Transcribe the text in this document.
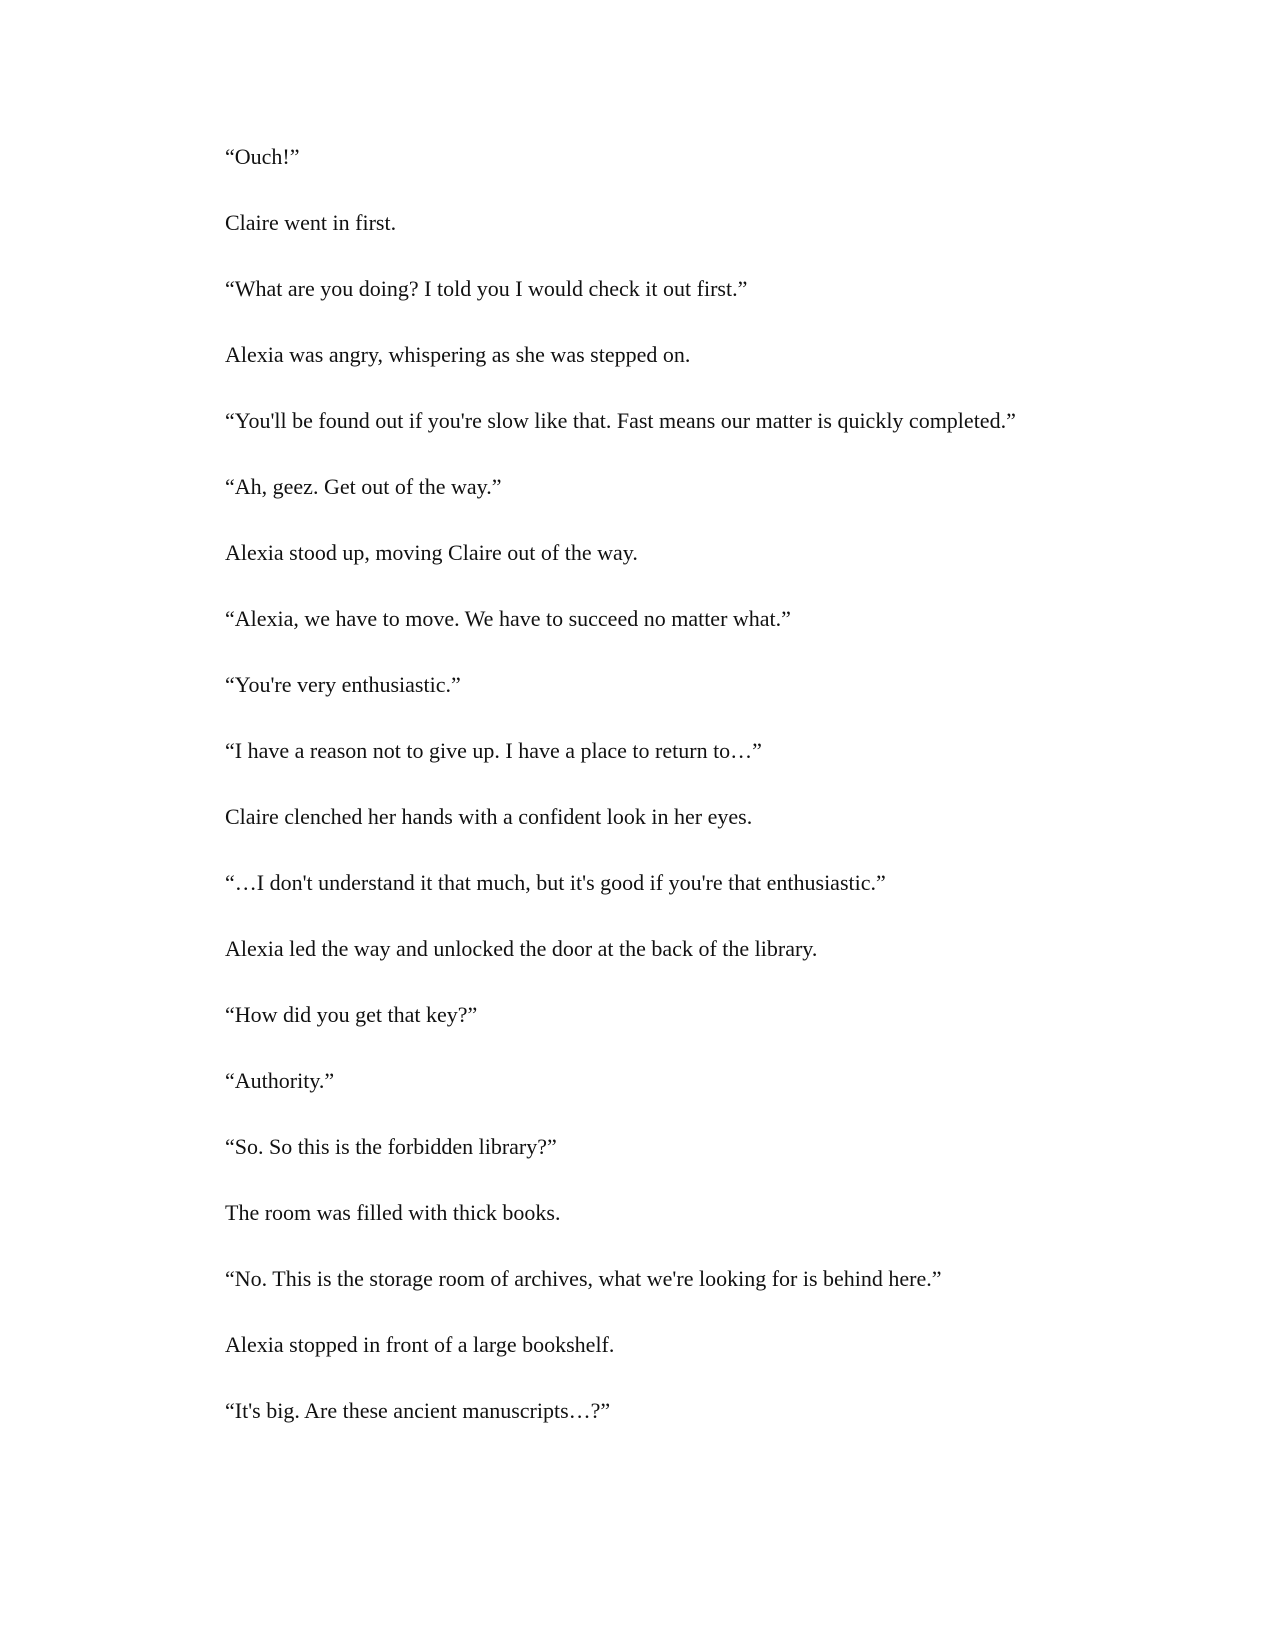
“Ouch!”

Claire went in first.

“What are you doing? I told you I would check it out first.”

Alexia was angry, whispering as she was stepped on.

“You'll be found out if you're slow like that. Fast means our matter is quickly completed.”

“Ah, geez. Get out of the way.”

Alexia stood up, moving Claire out of the way.

“Alexia, we have to move. We have to succeed no matter what.”

“You're very enthusiastic.”

“I have a reason not to give up. I have a place to return to…”

Claire clenched her hands with a confident look in her eyes.

“…I don't understand it that much, but it's good if you're that enthusiastic.”

Alexia led the way and unlocked the door at the back of the library.

“How did you get that key?”

“Authority.”

“So. So this is the forbidden library?”

The room was filled with thick books.

“No. This is the storage room of archives, what we're looking for is behind here.”

Alexia stopped in front of a large bookshelf.

“It's big. Are these ancient manuscripts…?”
